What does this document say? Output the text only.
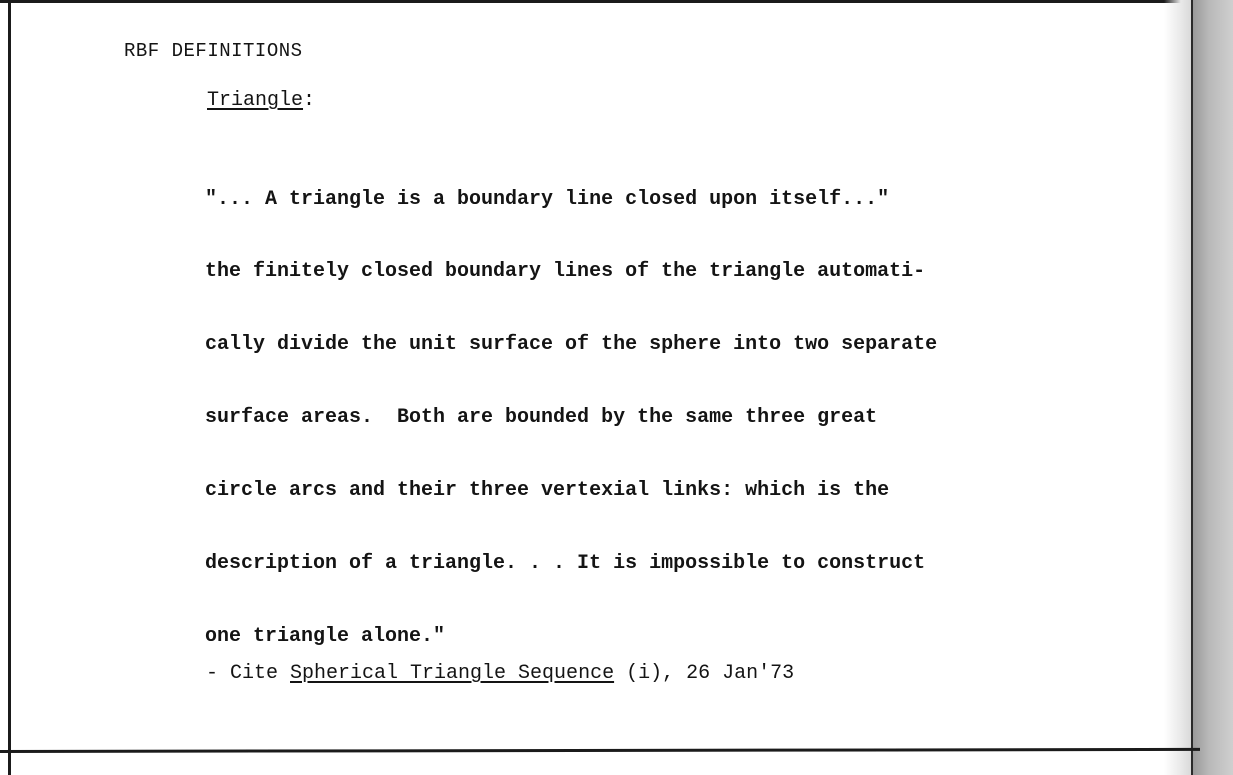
RBF DEFINITIONS
Triangle:

"... A triangle is a boundary line closed upon itself..."

the finitely closed boundary lines of the triangle automati-

cally divide the unit surface of the sphere into two separate

surface areas.  Both are bounded by the same three great

circle arcs and their three vertexial links: which is the

description of a triangle. . . It is impossible to construct

one triangle alone."

- Cite Spherical Triangle Sequence (i), 26 Jan'73
